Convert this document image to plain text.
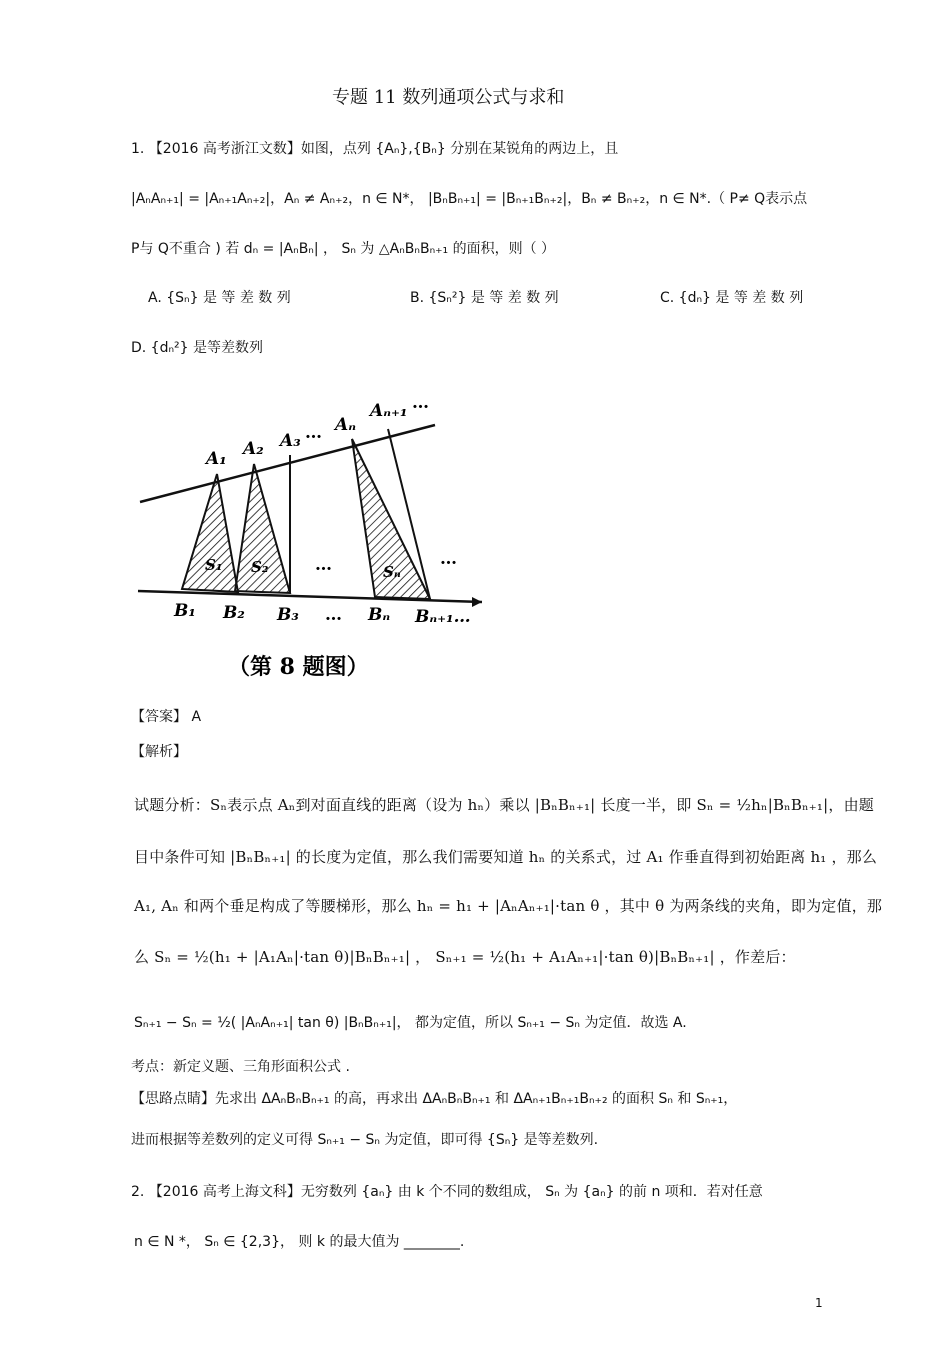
专题 11 数列通项公式与求和
1. 【2016 高考浙江文数】如图，点列 {Aₙ},{Bₙ} 分别在某锐角的两边上，且
|AₙAₙ₊₁| = |Aₙ₊₁Aₙ₊₂|，Aₙ ≠ Aₙ₊₂，n ∈ N*， |BₙBₙ₊₁| = |Bₙ₊₁Bₙ₊₂|，Bₙ ≠ Bₙ₊₂，n ∈ N*.（ P≠ Q表示点
P与 Q不重合 ) 若 dₙ = |AₙBₙ| ， Sₙ 为 △AₙBₙBₙ₊₁ 的面积，则（ ）
A. {Sₙ} 是 等 差 数 列	B. {Sₙ²} 是 等 差 数 列	C. {dₙ} 是 等 差 数 列
D. {dₙ²} 是等差数列
A₁ A₂ A₃ … Aₙ
Aₙ₊₁ …
S₁ S₂	…	Sₙ
…
B₁ B₂ B₃ … Bₙ Bₙ₊₁…
（第 8 题图）
【答案】 A
【解析】
试题分析：Sₙ表示点 Aₙ到对面直线的距离（设为 hₙ）乘以 |BₙBₙ₊₁| 长度一半，即 Sₙ = ½hₙ|BₙBₙ₊₁|，由题
目中条件可知 |BₙBₙ₊₁| 的长度为定值，那么我们需要知道 hₙ 的关系式，过 A₁ 作垂直得到初始距离 h₁ ，那么
A₁, Aₙ 和两个垂足构成了等腰梯形，那么 hₙ = h₁ + |AₙAₙ₊₁|·tan θ ，其中 θ 为两条线的夹角，即为定值，那
么 Sₙ = ½(h₁ + |A₁Aₙ|·tan θ)|BₙBₙ₊₁| ， Sₙ₊₁ = ½(h₁ + A₁Aₙ₊₁|·tan θ)|BₙBₙ₊₁| ，作差后：
Sₙ₊₁ − Sₙ = ½( |AₙAₙ₊₁| tan θ) |BₙBₙ₊₁|， 都为定值，所以 Sₙ₊₁ − Sₙ 为定值．故选 A.
考点：新定义题、三角形面积公式 .
【思路点睛】先求出 ΔAₙBₙBₙ₊₁ 的高，再求出 ΔAₙBₙBₙ₊₁ 和 ΔAₙ₊₁Bₙ₊₁Bₙ₊₂ 的面积 Sₙ 和 Sₙ₊₁，
进而根据等差数列的定义可得 Sₙ₊₁ − Sₙ 为定值，即可得 {Sₙ} 是等差数列.
2. 【2016 高考上海文科】无穷数列 {aₙ} 由 k 个不同的数组成， Sₙ 为 {aₙ} 的前 n 项和．若对任意
n ∈ N *， Sₙ ∈ {2,3}， 则 k 的最大值为 ________.
1
